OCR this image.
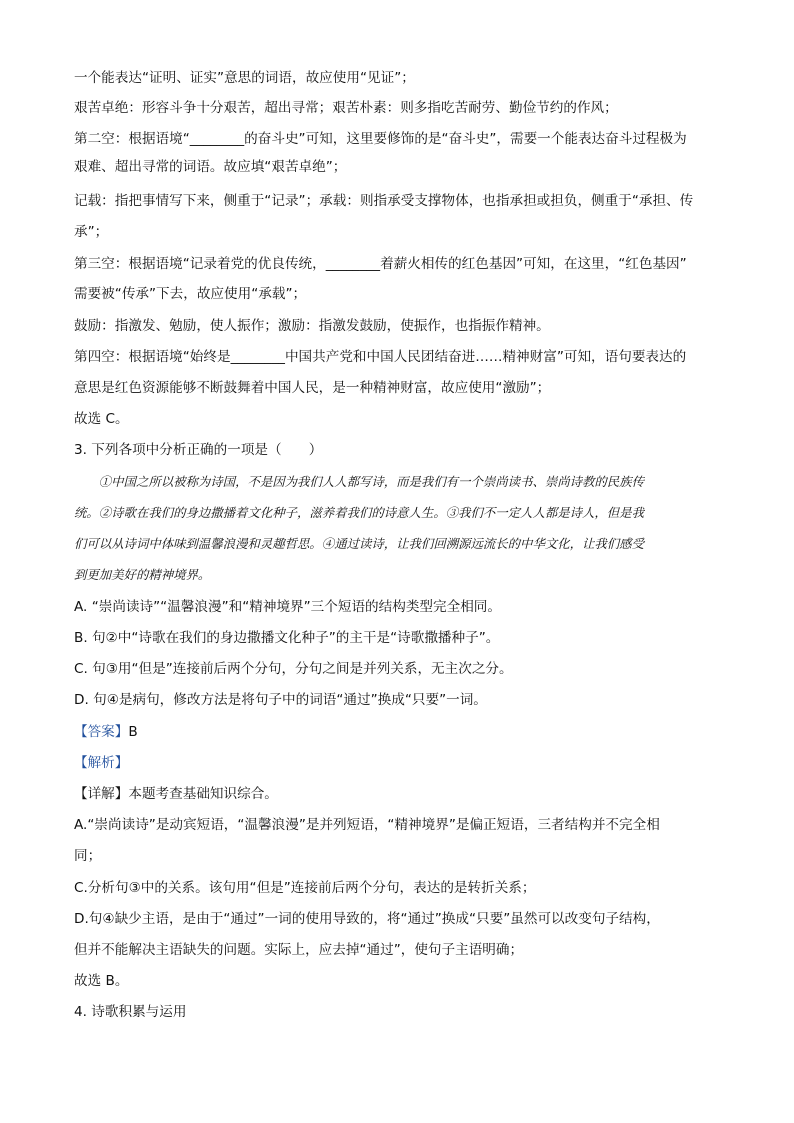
一个能表达“证明、证实”意思的词语，故应使用“见证”；
艰苦卓绝：形容斗争十分艰苦，超出寻常；艰苦朴素：则多指吃苦耐劳、勤俭节约的作风；
第二空：根据语境“________的奋斗史”可知，这里要修饰的是“奋斗史”，需要一个能表达奋斗过程极为
艰难、超出寻常的词语。故应填“艰苦卓绝”；
记载：指把事情写下来，侧重于“记录”；承载：则指承受支撑物体，也指承担或担负，侧重于“承担、传
承”；
第三空：根据语境“记录着党的优良传统，________着薪火相传的红色基因”可知，在这里，“红色基因”
需要被“传承”下去，故应使用“承载”；
鼓励：指激发、勉励，使人振作；激励：指激发鼓励，使振作，也指振作精神。
第四空：根据语境“始终是________中国共产党和中国人民团结奋进……精神财富”可知，语句要表达的
意思是红色资源能够不断鼓舞着中国人民，是一种精神财富，故应使用“激励”；
故选 C。
3. 下列各项中分析正确的一项是（　　）
　　①中国之所以被称为诗国，不是因为我们人人都写诗，而是我们有一个崇尚读书、崇尚诗教的民族传
统。②诗歌在我们的身边撒播着文化种子，滋养着我们的诗意人生。③我们不一定人人都是诗人，但是我
们可以从诗词中体味到温馨浪漫和灵趣哲思。④通过读诗，让我们回溯源远流长的中华文化，让我们感受
到更加美好的精神境界。
A. “崇尚读诗”“温馨浪漫”和“精神境界”三个短语的结构类型完全相同。
B. 句②中“诗歌在我们的身边撒播文化种子”的主干是“诗歌撒播种子”。
C. 句③用“但是”连接前后两个分句，分句之间是并列关系，无主次之分。
D. 句④是病句，修改方法是将句子中的词语“通过”换成“只要”一词。
【答案】B
【解析】
【详解】本题考查基础知识综合。
A.“崇尚读诗”是动宾短语，“温馨浪漫”是并列短语，“精神境界”是偏正短语，三者结构并不完全相
同；
C.分析句③中的关系。该句用“但是”连接前后两个分句，表达的是转折关系；
D.句④缺少主语，是由于“通过”一词的使用导致的，将“通过”换成“只要”虽然可以改变句子结构，
但并不能解决主语缺失的问题。实际上，应去掉“通过”，使句子主语明确；
故选 B。
4. 诗歌积累与运用
